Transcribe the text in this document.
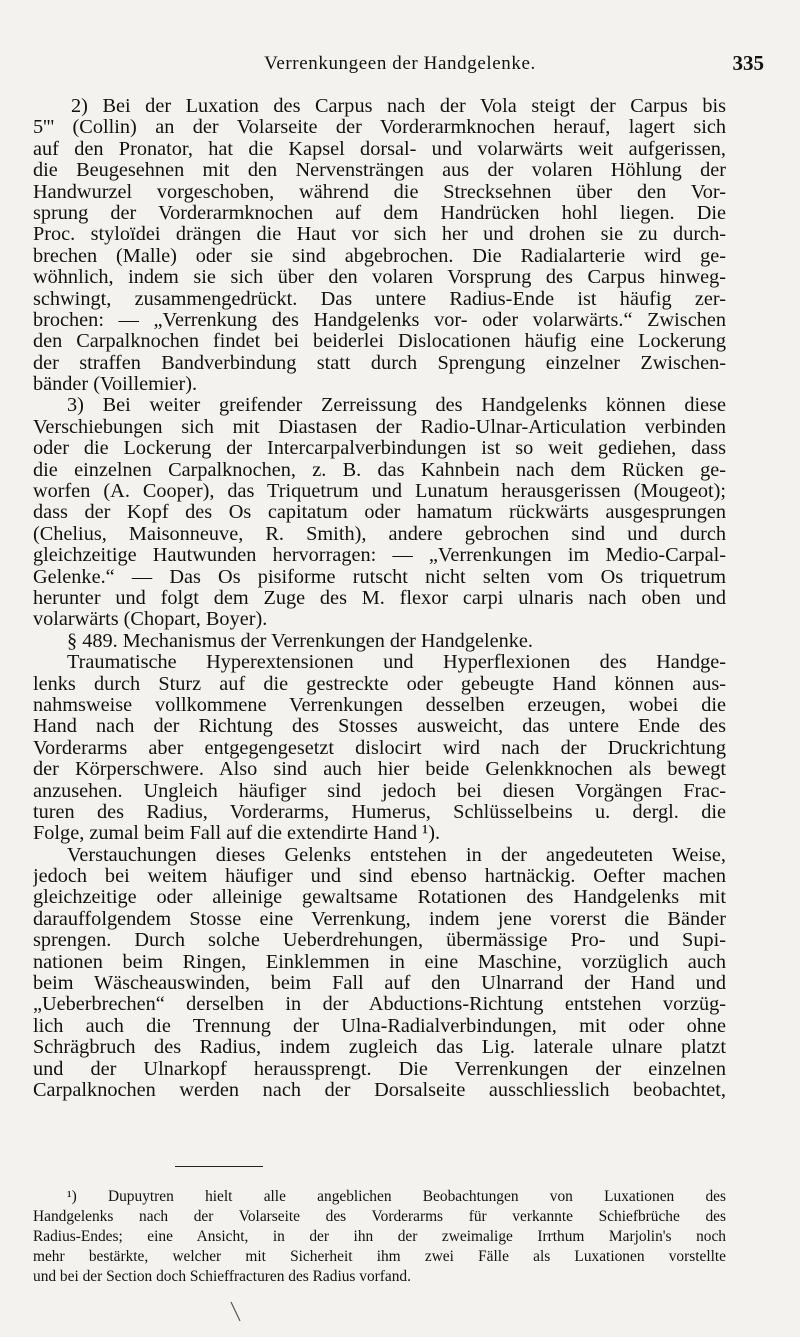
Verrenkungeen der Handgelenke.	335
2) Bei der Luxation des Carpus nach der Vola steigt der Carpus bis
5''' (Collin) an der Volarseite der Vorderarmknochen herauf, lagert sich
auf den Pronator, hat die Kapsel dorsal- und volarwärts weit aufgerissen,
die Beugesehnen mit den Nervensträngen aus der volaren Höhlung der
Handwurzel vorgeschoben, während die Strecksehnen über den Vor-
sprung der Vorderarmknochen auf dem Handrücken hohl liegen. Die
Proc. styloïdei drängen die Haut vor sich her und drohen sie zu durch-
brechen (Malle) oder sie sind abgebrochen. Die Radialarterie wird ge-
wöhnlich, indem sie sich über den volaren Vorsprung des Carpus hinweg-
schwingt, zusammengedrückt. Das untere Radius-Ende ist häufig zer-
brochen: — „Verrenkung des Handgelenks vor- oder volarwärts.“ Zwischen
den Carpalknochen findet bei beiderlei Dislocationen häufig eine Lockerung
der straffen Bandverbindung statt durch Sprengung einzelner Zwischen-
bänder (Voillemier).
3) Bei weiter greifender Zerreissung des Handgelenks können diese
Verschiebungen sich mit Diastasen der Radio-Ulnar-Articulation verbinden
oder die Lockerung der Intercarpalverbindungen ist so weit gediehen, dass
die einzelnen Carpalknochen, z. B. das Kahnbein nach dem Rücken ge-
worfen (A. Cooper), das Triquetrum und Lunatum herausgerissen (Mougeot);
dass der Kopf des Os capitatum oder hamatum rückwärts ausgesprungen
(Chelius, Maisonneuve, R. Smith), andere gebrochen sind und durch
gleichzeitige Hautwunden hervorragen: — „Verrenkungen im Medio-Carpal-
Gelenke.“ — Das Os pisiforme rutscht nicht selten vom Os triquetrum
herunter und folgt dem Zuge des M. flexor carpi ulnaris nach oben und
volarwärts (Chopart, Boyer).
§ 489. Mechanismus der Verrenkungen der Handgelenke.
Traumatische Hyperextensionen und Hyperflexionen des Handge-
lenks durch Sturz auf die gestreckte oder gebeugte Hand können aus-
nahmsweise vollkommene Verrenkungen desselben erzeugen, wobei die
Hand nach der Richtung des Stosses ausweicht, das untere Ende des
Vorderarms aber entgegengesetzt dislocirt wird nach der Druckrichtung
der Körperschwere. Also sind auch hier beide Gelenkknochen als bewegt
anzusehen. Ungleich häufiger sind jedoch bei diesen Vorgängen Frac-
turen des Radius, Vorderarms, Humerus, Schlüsselbeins u. dergl. die
Folge, zumal beim Fall auf die extendirte Hand ¹).
Verstauchungen dieses Gelenks entstehen in der angedeuteten Weise,
jedoch bei weitem häufiger und sind ebenso hartnäckig. Oefter machen
gleichzeitige oder alleinige gewaltsame Rotationen des Handgelenks mit
darauffolgendem Stosse eine Verrenkung, indem jene vorerst die Bänder
sprengen. Durch solche Ueberdrehungen, übermässige Pro- und Supi-
nationen beim Ringen, Einklemmen in eine Maschine, vorzüglich auch
beim Wäscheauswinden, beim Fall auf den Ulnarrand der Hand und
„Ueberbrechen“ derselben in der Abductions-Richtung entstehen vorzüg-
lich auch die Trennung der Ulna-Radialverbindungen, mit oder ohne
Schrägbruch des Radius, indem zugleich das Lig. laterale ulnare platzt
und der Ulnarkopf heraussprengt. Die Verrenkungen der einzelnen
Carpalknochen werden nach der Dorsalseite ausschliesslich beobachtet,
¹) Dupuytren hielt alle angeblichen Beobachtungen von Luxationen des
Handgelenks nach der Volarseite des Vorderarms für verkannte Schiefbrüche des
Radius-Endes; eine Ansicht, in der ihn der zweimalige Irrthum Marjolin's noch
mehr bestärkte, welcher mit Sicherheit ihm zwei Fälle als Luxationen vorstellte
und bei der Section doch Schieffracturen des Radius vorfand.
